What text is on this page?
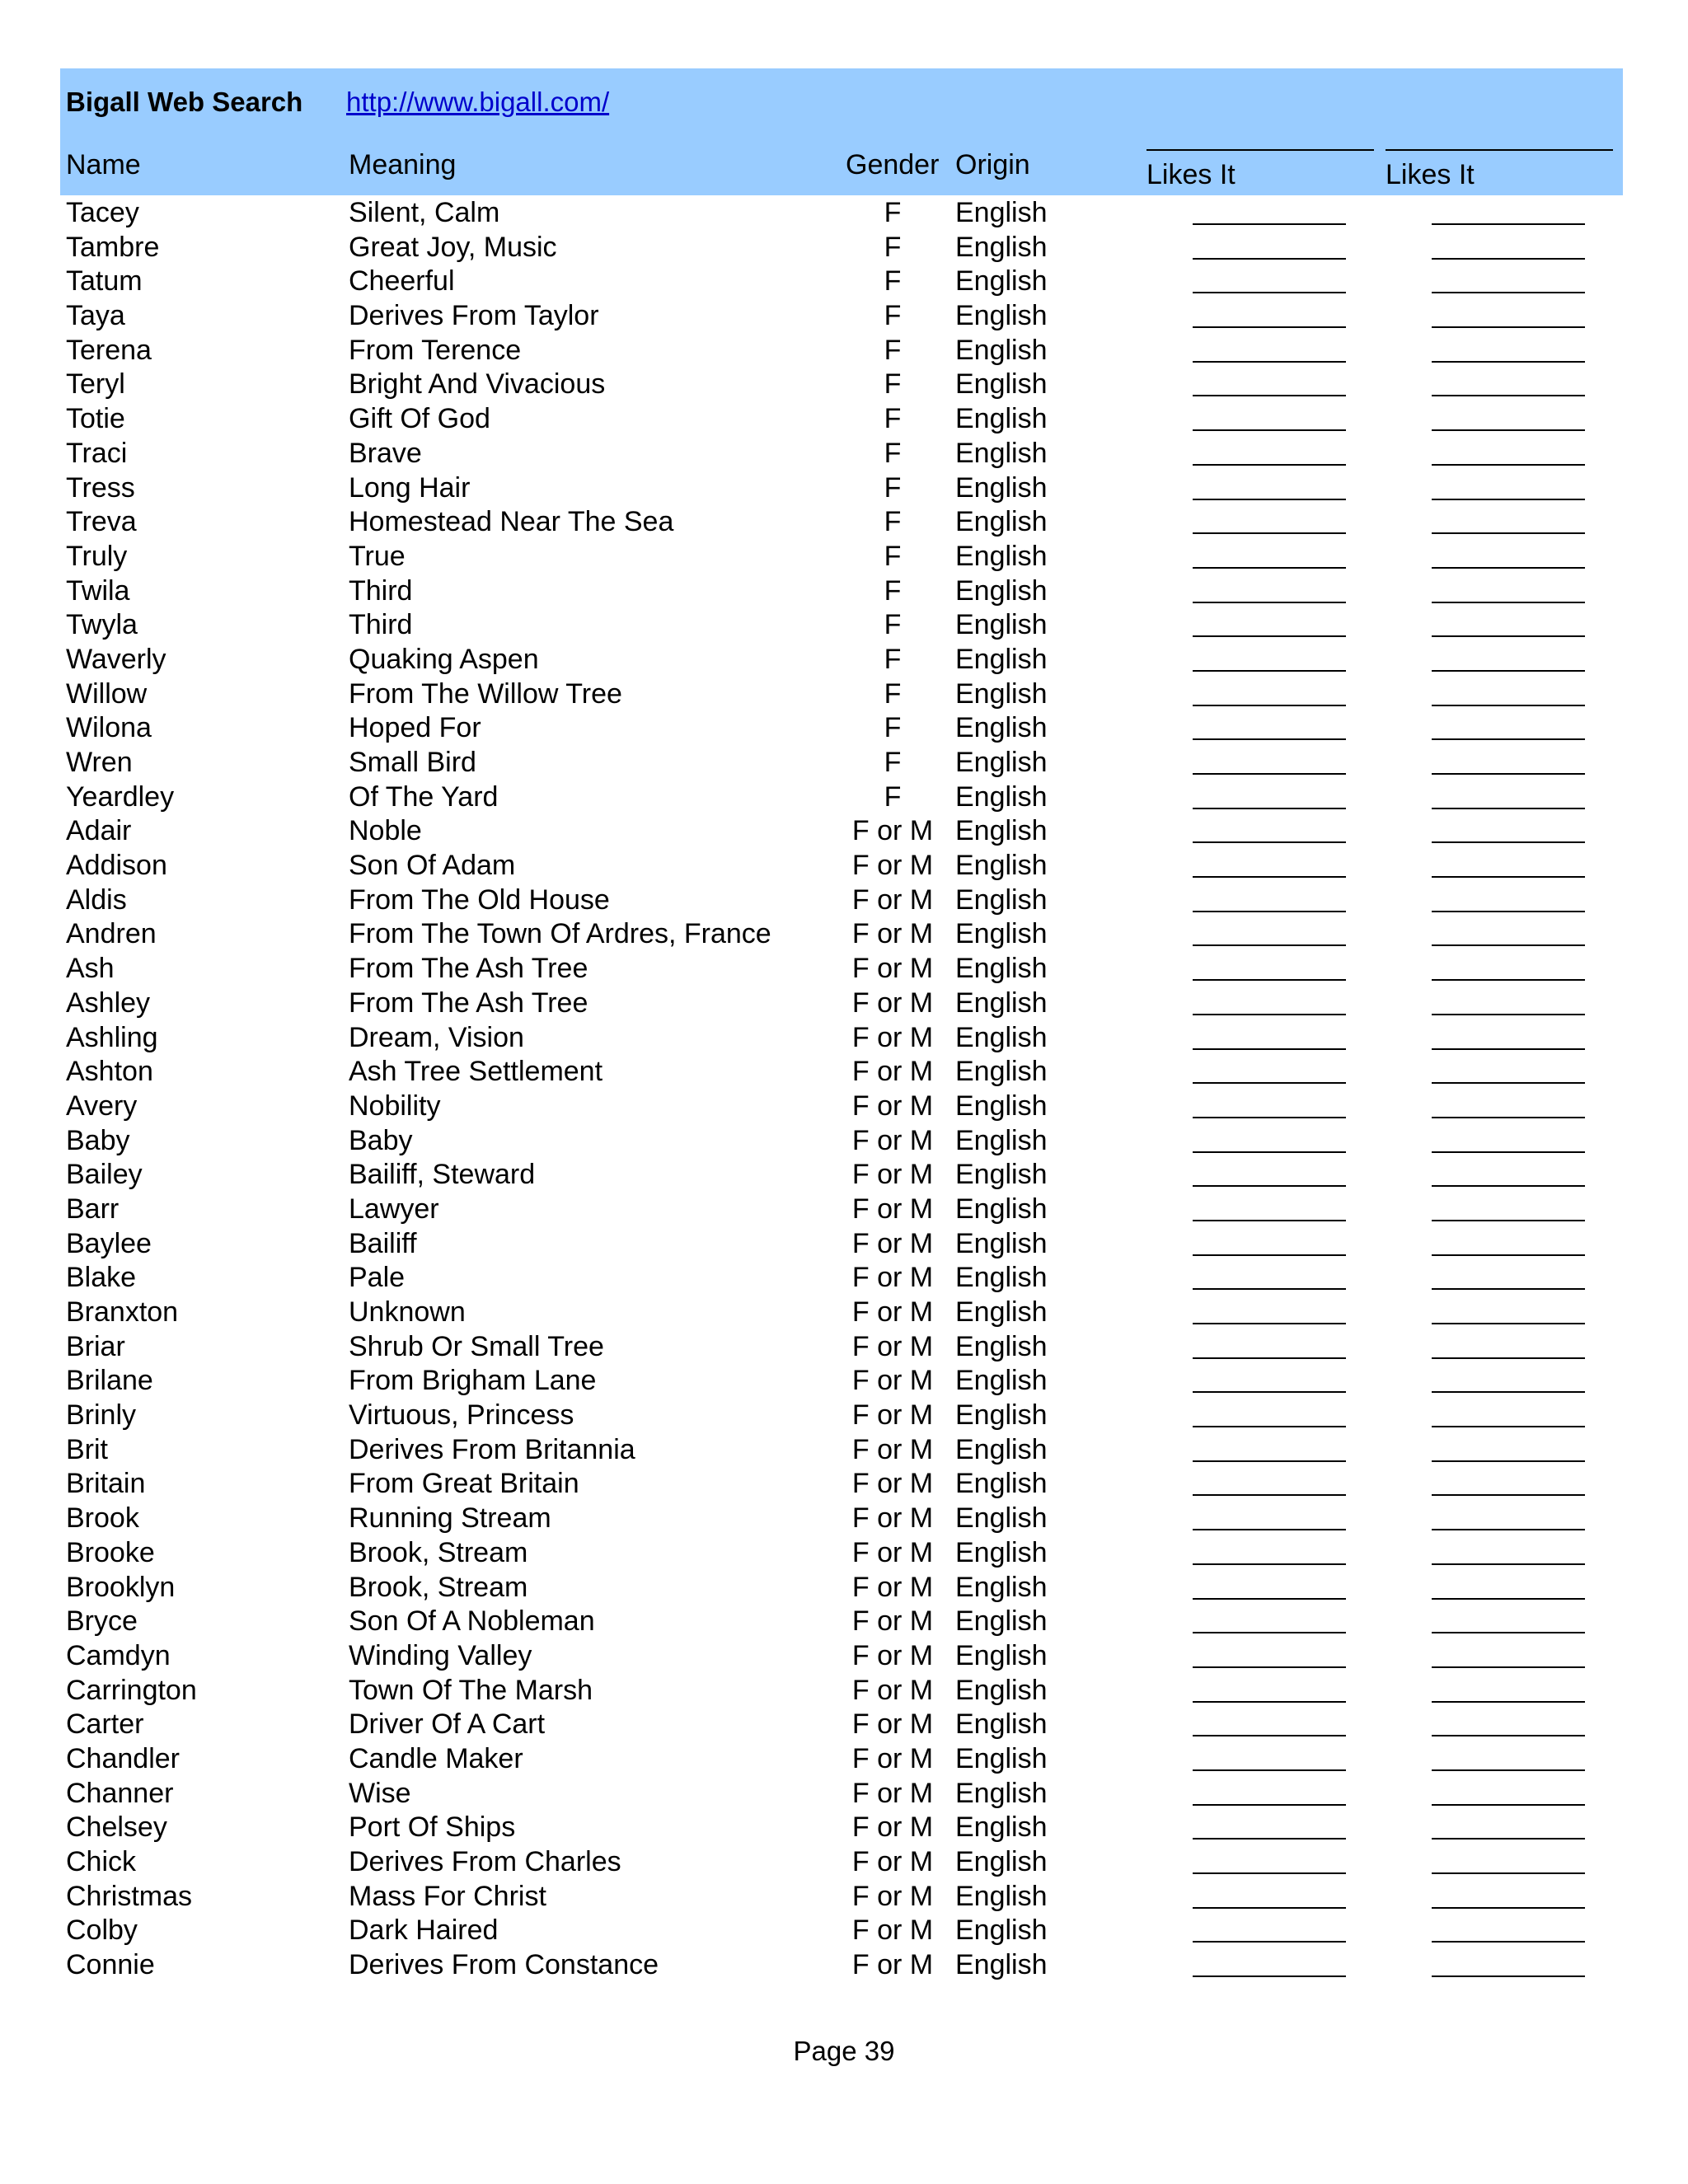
Bigall Web Search http://www.bigall.com/
Name	Meaning	Gender Origin	Likes It	Likes It
Tacey	Silent, Calm	F	English
Tambre	Great Joy, Music	F	English
Tatum	Cheerful	F	English
Taya	Derives From Taylor	F	English
Terena	From Terence	F	English
Teryl	Bright And Vivacious	F	English
Totie	Gift Of God	F	English
Traci	Brave	F	English
Tress	Long Hair	F	English
Treva	Homestead Near The Sea	F	English
Truly	True	F	English
Twila	Third	F	English
Twyla	Third	F	English
Waverly	Quaking Aspen	F	English
Willow	From The Willow Tree	F	English
Wilona	Hoped For	F	English
Wren	Small Bird	F	English
Yeardley	Of The Yard	F	English
Adair	Noble	F or M English
Addison	Son Of Adam	F or M English
Aldis	From The Old House	F or M English
Andren	From The Town Of Ardres, France	F or M English
Ash	From The Ash Tree	F or M English
Ashley	From The Ash Tree	F or M English
Ashling	Dream, Vision	F or M English
Ashton	Ash Tree Settlement	F or M English
Avery	Nobility	F or M English
Baby	Baby	F or M English
Bailey	Bailiff, Steward	F or M English
Barr	Lawyer	F or M English
Baylee	Bailiff	F or M English
Blake	Pale	F or M English
Branxton	Unknown	F or M English
Briar	Shrub Or Small Tree	F or M English
Brilane	From Brigham Lane	F or M English
Brinly	Virtuous, Princess	F or M English
Brit	Derives From Britannia	F or M English
Britain	From Great Britain	F or M English
Brook	Running Stream	F or M English
Brooke	Brook, Stream	F or M English
Brooklyn	Brook, Stream	F or M English
Bryce	Son Of A Nobleman	F or M English
Camdyn	Winding Valley	F or M English
Carrington	Town Of The Marsh	F or M English
Carter	Driver Of A Cart	F or M English
Chandler	Candle Maker	F or M English
Channer	Wise	F or M English
Chelsey	Port Of Ships	F or M English
Chick	Derives From Charles	F or M English
Christmas	Mass For Christ	F or M English
Colby	Dark Haired	F or M English
Connie	Derives From Constance	F or M English
Page 39
